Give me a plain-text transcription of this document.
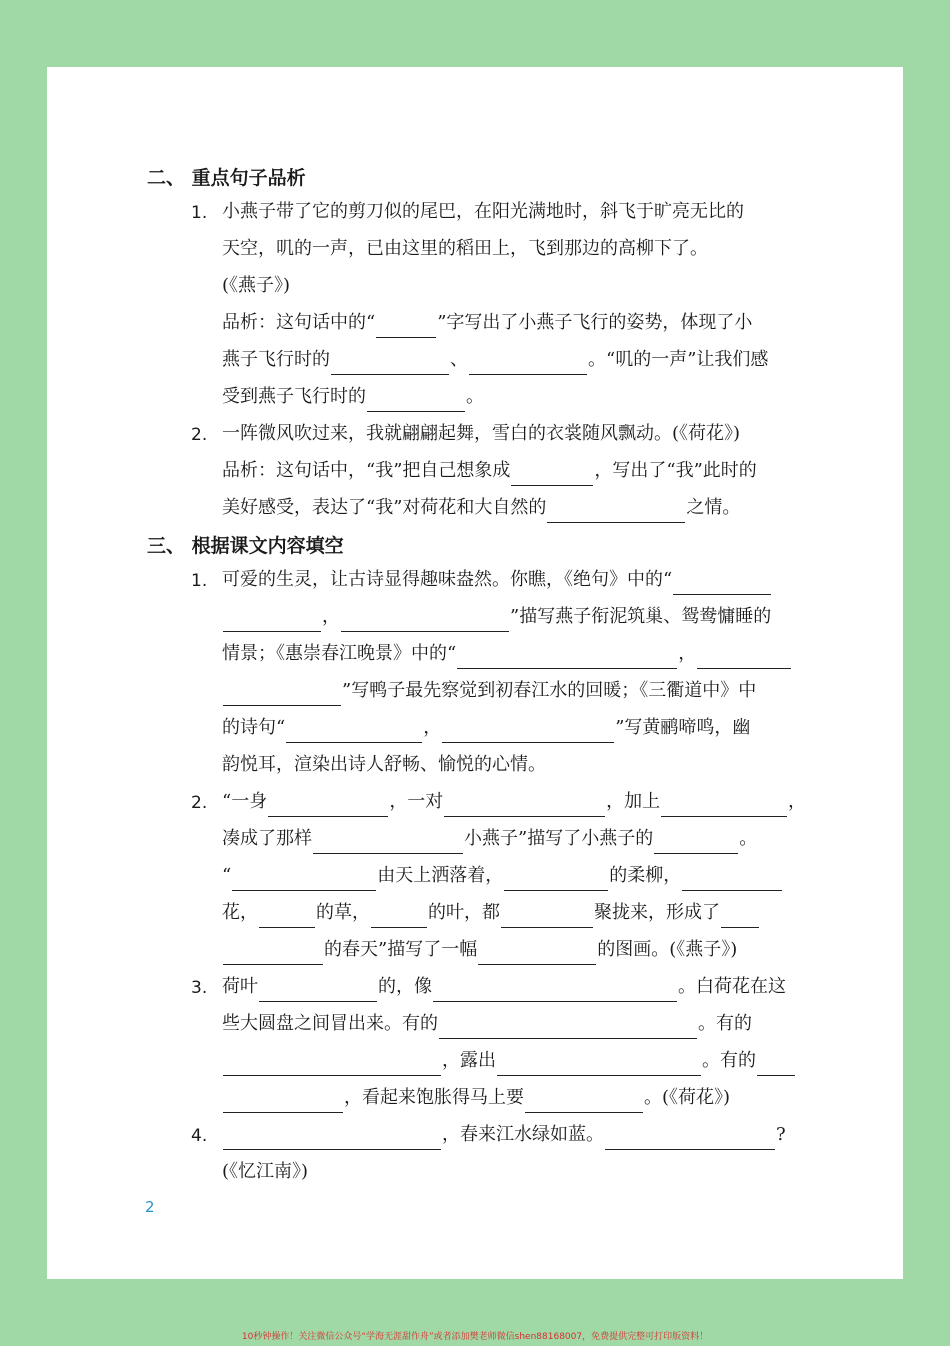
二、 重点句子品析
1. 小燕子带了它的剪刀似的尾巴，在阳光满地时，斜飞于旷亮无比的
天空，叽的一声，已由这里的稻田上，飞到那边的高柳下了。
(《燕子》)
品析：这句话中的“	”字写出了小燕子飞行的姿势，体现了小
燕子飞行时的	、	。“叽的一声”让我们感
受到燕子飞行时的	。
2. 一阵微风吹过来，我就翩翩起舞，雪白的衣裳随风飘动。(《荷花》)
品析：这句话中，“我”把自己想象成	，写出了“我”此时的
美好感受，表达了“我”对荷花和大自然的	之情。
三、 根据课文内容填空
1. 可爱的生灵，让古诗显得趣味盎然。你瞧，《绝句》中的“
，	”描写燕子衔泥筑巢、鸳鸯慵睡的
情景；《惠崇春江晚景》中的“	，
”写鸭子最先察觉到初春江水的回暖；《三衢道中》中
的诗句“	，	”写黄鹂啼鸣，幽
韵悦耳，渲染出诗人舒畅、愉悦的心情。
2. “一身	，一对	，加上	，
凑成了那样	小燕子”描写了小燕子的	。
“	由天上洒落着，	的柔柳，
花，	的草，	的叶，都	聚拢来，形成了
的春天”描写了一幅	的图画。(《燕子》)
3. 荷叶	的，像	。白荷花在这
些大圆盘之间冒出来。有的	。有的
，露出	。有的
，看起来饱胀得马上要	。(《荷花》)
4.	，春来江水绿如蓝。	?
(《忆江南》)
2
10秒钟操作！关注微信公众号“学海无涯甜作舟”或者添加樊老师微信shen88168007，免费提供完整可打印版资料！
